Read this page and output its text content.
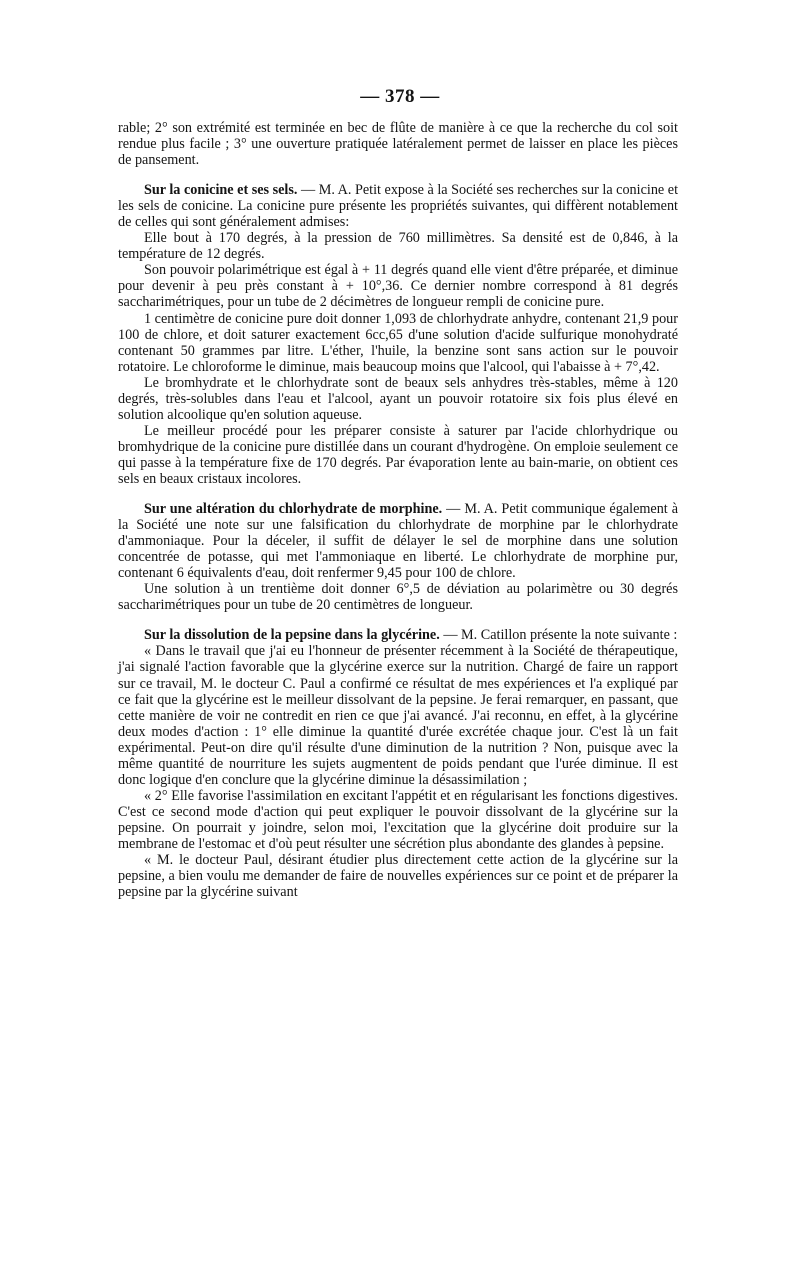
— 378 —

rable; 2° son extrémité est terminée en bec de flûte de manière à ce que la recherche du col soit rendue plus facile ; 3° une ouverture pratiquée latéralement permet de laisser en place les pièces de pansement.

Sur la conicine et ses sels. — M. A. Petit expose à la Société ses recherches sur la conicine et les sels de conicine. La conicine pure présente les propriétés suivantes, qui diffèrent notablement de celles qui sont généralement admises:

Elle bout à 170 degrés, à la pression de 760 millimètres. Sa densité est de 0,846, à la température de 12 degrés.

Son pouvoir polarimétrique est égal à + 11 degrés quand elle vient d'être préparée, et diminue pour devenir à peu près constant à + 10°,36. Ce dernier nombre correspond à 81 degrés saccharimétriques, pour un tube de 2 décimètres de longueur rempli de conicine pure.

1 centimètre de conicine pure doit donner 1,093 de chlorhydrate anhydre, contenant 21,9 pour 100 de chlore, et doit saturer exactement 6cc,65 d'une solution d'acide sulfurique monohydraté contenant 50 grammes par litre. L'éther, l'huile, la benzine sont sans action sur le pouvoir rotatoire. Le chloroforme le diminue, mais beaucoup moins que l'alcool, qui l'abaisse à + 7°,42.

Le bromhydrate et le chlorhydrate sont de beaux sels anhydres très-stables, même à 120 degrés, très-solubles dans l'eau et l'alcool, ayant un pouvoir rotatoire six fois plus élevé en solution alcoolique qu'en solution aqueuse.

Le meilleur procédé pour les préparer consiste à saturer par l'acide chlorhydrique ou bromhydrique de la conicine pure distillée dans un courant d'hydrogène. On emploie seulement ce qui passe à la température fixe de 170 degrés. Par évaporation lente au bain-marie, on obtient ces sels en beaux cristaux incolores.

Sur une altération du chlorhydrate de morphine. — M. A. Petit communique également à la Société une note sur une falsification du chlorhydrate de morphine par le chlorhydrate d'ammoniaque. Pour la déceler, il suffit de délayer le sel de morphine dans une solution concentrée de potasse, qui met l'ammoniaque en liberté. Le chlorhydrate de morphine pur, contenant 6 équivalents d'eau, doit renfermer 9,45 pour 100 de chlore.

Une solution à un trentième doit donner 6°,5 de déviation au polarimètre ou 30 degrés saccharimétriques pour un tube de 20 centimètres de longueur.

Sur la dissolution de la pepsine dans la glycérine. — M. Catillon présente la note suivante :

« Dans le travail que j'ai eu l'honneur de présenter récemment à la Société de thérapeutique, j'ai signalé l'action favorable que la glycérine exerce sur la nutrition. Chargé de faire un rapport sur ce travail, M. le docteur C. Paul a confirmé ce résultat de mes expériences et l'a expliqué par ce fait que la glycérine est le meilleur dissolvant de la pepsine. Je ferai remarquer, en passant, que cette manière de voir ne contredit en rien ce que j'ai avancé. J'ai reconnu, en effet, à la glycérine deux modes d'action : 1° elle diminue la quantité d'urée excrétée chaque jour. C'est là un fait expérimental. Peut-on dire qu'il résulte d'une diminution de la nutrition ? Non, puisque avec la même quantité de nourriture les sujets augmentent de poids pendant que l'urée diminue. Il est donc logique d'en conclure que la glycérine diminue la désassimilation ;

« 2° Elle favorise l'assimilation en excitant l'appétit et en régularisant les fonctions digestives. C'est ce second mode d'action qui peut expliquer le pouvoir dissolvant de la glycérine sur la pepsine. On pourrait y joindre, selon moi, l'excitation que la glycérine doit produire sur la membrane de l'estomac et d'où peut résulter une sécrétion plus abondante des glandes à pepsine.

« M. le docteur Paul, désirant étudier plus directement cette action de la glycérine sur la pepsine, a bien voulu me demander de faire de nouvelles expériences sur ce point et de préparer la pepsine par la glycérine suivant
